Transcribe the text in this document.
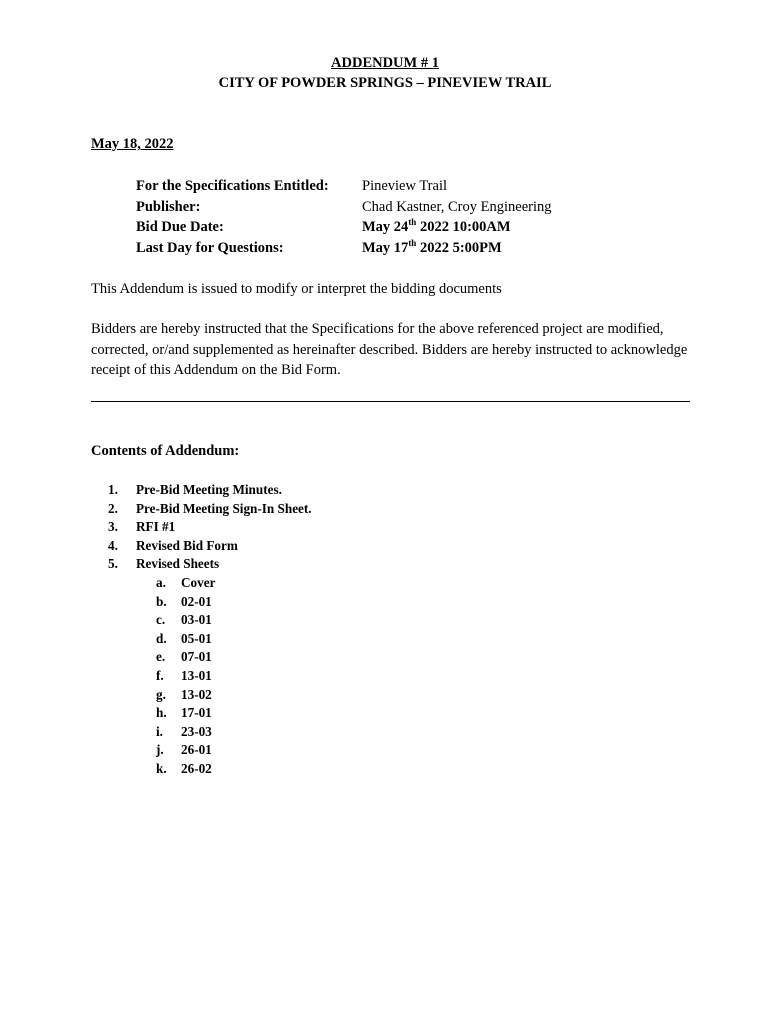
ADDENDUM # 1
CITY OF POWDER SPRINGS – PINEVIEW TRAIL
May 18, 2022
For the Specifications Entitled: Pineview Trail
Publisher:	Chad Kastner, Croy Engineering
Bid Due Date:	May 24th 2022 10:00AM
Last Day for Questions:	May 17th 2022 5:00PM
This Addendum is issued to modify or interpret the bidding documents
Bidders are hereby instructed that the Specifications for the above referenced project are modified, corrected, or/and supplemented as hereinafter described. Bidders are hereby instructed to acknowledge receipt of this Addendum on the Bid Form.
Contents of Addendum:
1. Pre-Bid Meeting Minutes.
2. Pre-Bid Meeting Sign-In Sheet.
3. RFI #1
4. Revised Bid Form
5. Revised Sheets
a. Cover
b. 02-01
c. 03-01
d. 05-01
e. 07-01
f. 13-01
g. 13-02
h. 17-01
i. 23-03
j. 26-01
k. 26-02
